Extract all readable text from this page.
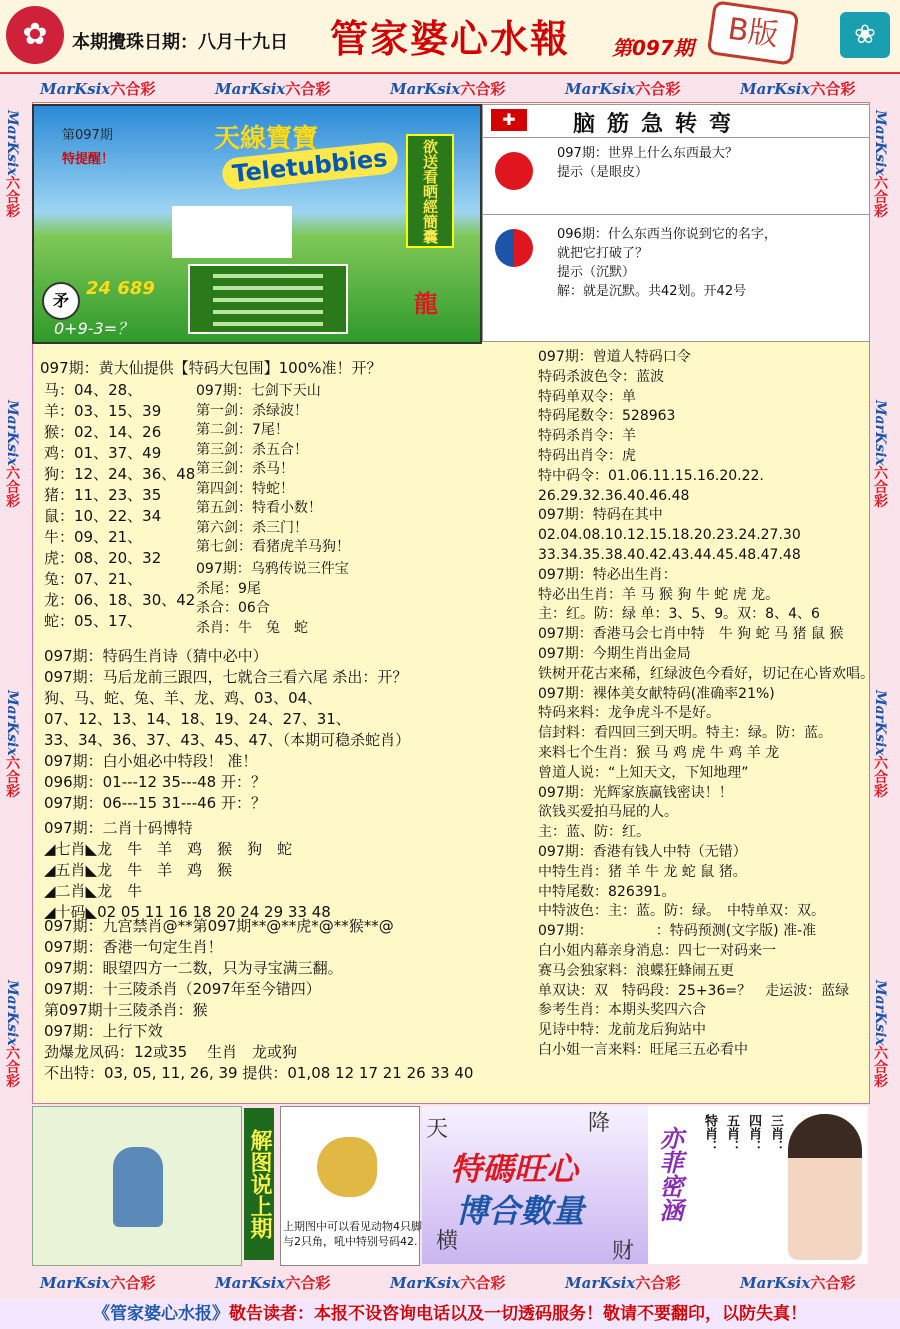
✿	本期攪珠日期：八月十九日 管家婆心水報 第097期	B版	❀
MarKsix六合彩	MarKsix六合彩	MarKsix六合彩	MarKsix六合彩	MarKsix六合彩
MarKsix六合彩	MarKsix六合彩	MarKsix六合彩	MarKsix六合彩	MarKsix六合彩
MarKsix六合彩
MarKsix六合彩
MarKsix六合彩
MarKsix六合彩
MarKsix六合彩
MarKsix六合彩
MarKsix六合彩
MarKsix六合彩
第097期
特提醒！
天線寶寶
Teletubbies	欲送看晒經簡囊
矛
24 689
0+9-3=？
龍
✚	脑筋急转弯
097期：世界上什么东西最大？
提示（是眼皮）
096期：什么东西当你说到它的名字，
就把它打破了？
提示（沉默）
解：就是沉默。共42划。开42号
097期：黄大仙提供【特码大包围】100%准！开？
马：04、28、
羊：03、15、39
猴：02、14、26
鸡：01、37、49
狗：12、24、36、48
猪：11、23、35
鼠：10、22、34
牛：09、21、
虎：08、20、32
兔：07、21、
龙：06、18、30、42
蛇：05、17、
097期：七剑下天山
第一剑：杀绿波！
第二剑：7尾！
第三剑：杀五合！
第三剑：杀马！
第四剑：特蛇！
第五剑：特看小数！
第六剑：杀三门！
第七剑：看猪虎羊马狗！
097期：乌鸦传说三件宝
杀尾：9尾
杀合：06合
杀肖：牛　兔　蛇
097期：特码生肖诗（猜中必中）
097期：马后龙前三跟四，七就合三看六尾 杀出：开？
狗、马、蛇、兔、羊、龙、鸡、03、04、
07、12、13、14、18、19、24、27、31、
33、34、36、37、43、45、47、（本期可稳杀蛇肖）
097期：白小姐必中特段！ 准！
096期：01---12 35---48 开：？
097期：06---15 31---46 开：？
097期：二肖十码博特
◢七肖◣龙　牛　羊　鸡　猴　狗　蛇
◢五肖◣龙　牛　羊　鸡　猴
◢二肖◣龙　牛
◢十码◣02 05 11 16 18 20 24 29 33 48
097期：九宫禁肖@**第097期**@**虎*@**猴**@
097期：香港一句定生肖！
097期：眼望四方一二数，只为寻宝满三翻。
097期：十三陵杀肖（2097年至今错四）
第097期十三陵杀肖：猴
097期：上行下效
劲爆龙凤码：12或35　 生肖　龙或狗
不出特：03, 05, 11, 26, 39 提供：01,08 12 17 21 26 33 40
097期：曾道人特码口令
特码杀波色令：蓝波
特码单双令：单
特码尾数令：528963
特码杀肖令：羊
特码出肖令：虎
特中码令：01.06.11.15.16.20.22.
26.29.32.36.40.46.48
097期：特码在其中
02.04.08.10.12.15.18.20.23.24.27.30
33.34.35.38.40.42.43.44.45.48.47.48
097期：特必出生肖：
特必出生肖：羊 马 猴 狗 牛 蛇 虎 龙。
主：红。防：绿 单：3、5、9。双：8、4、6
097期：香港马会七肖中特　牛 狗 蛇 马 猪 鼠 猴
097期：今期生肖出金局
铁树开花古来稀，红绿波色今看好，切记在心皆欢唱。
097期：裸体美女献特码(准确率21%)
特码来料：龙争虎斗不是好。
信封料：看四回三到天明。特主：绿。防：蓝。
来料七个生肖：猴 马 鸡 虎 牛 鸡 羊 龙
曾道人说：“上知天文，下知地理”
097期：光辉家族赢钱密诀！！
欲钱买爱拍马屁的人。
主：蓝、防：红。
097期：香港有钱人中特（无错）
中特生肖：猪 羊 牛 龙 蛇 鼠 猪。
中特尾数：826391。
中特波色：主：蓝。防：绿。　中特单双：双。
097期：　　　　　：特码预测(文字版) 准-准
白小姐内幕亲身消息：四七一对码来一
赛马会独家料：浪蝶狂蜂闹五更
单双诀：双　特码段：25+36=？　走运波：蓝绿
参考生肖：本期头奖四六合
见诗中特：龙前龙后狗站中
白小姐一言来料：旺尾三五必看中
解图说上期 上期图中可以看见动物4只脚
与2只角，吼中特别号码42.
天	降
特碼旺心
博合數量
横	财
亦菲密涵	三肖：
四肖：
五肖：
特肖：
《管家婆心水报》敬告读者：本报不设咨询电话以及一切透码服务！敬请不要翻印，以防失真！
